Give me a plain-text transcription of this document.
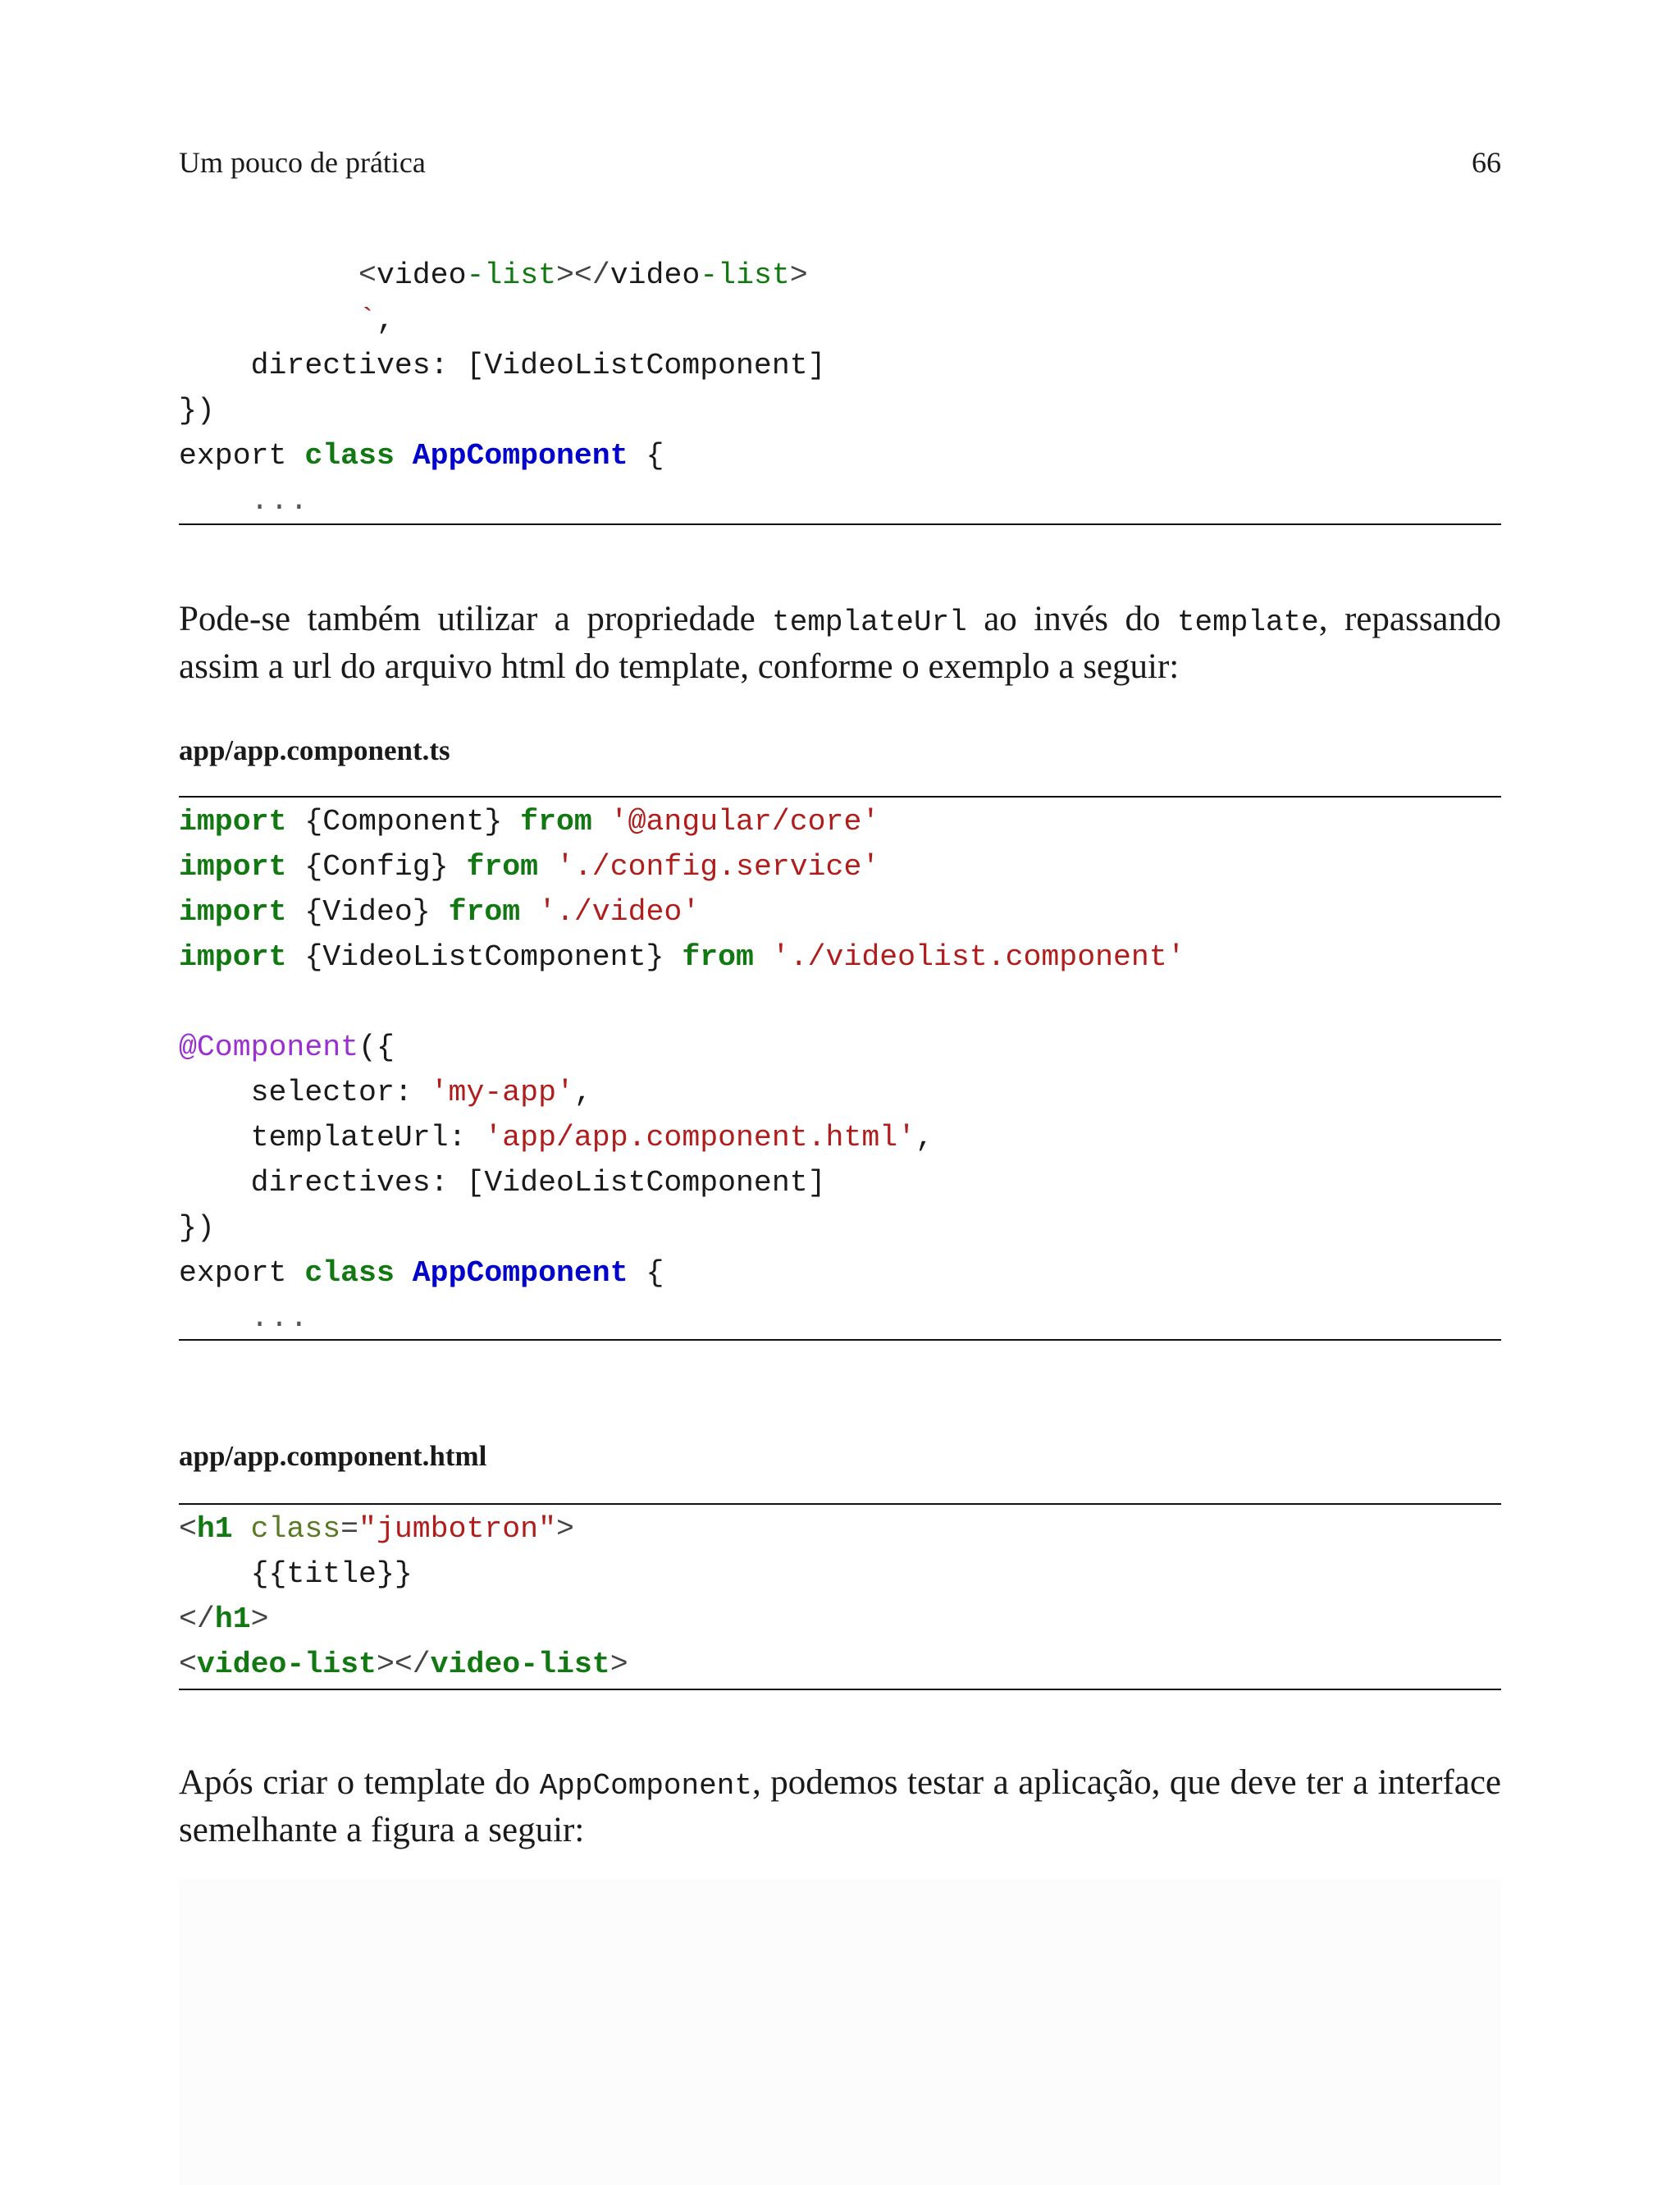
Um pouco de prática	66
<video-list></video-list>
`,
directives: [VideoListComponent]
})
export class AppComponent {
...

Pode-se também utilizar a propriedade templateUrl ao invés do template, repassando assim a url do arquivo html do template, conforme o exemplo a seguir:

app/app.component.ts
import {Component} from '@angular/core'
import {Config} from './config.service'
import {Video} from './video'
import {VideoListComponent} from './videolist.component'

@Component({
selector: 'my-app',
templateUrl: 'app/app.component.html',
directives: [VideoListComponent]
})
export class AppComponent {
...
app/app.component.html
<h1 class="jumbotron">
{{title}}
</h1>
<video-list></video-list>

Após criar o template do AppComponent, podemos testar a aplicação, que deve ter a interface semelhante a figura a seguir:
